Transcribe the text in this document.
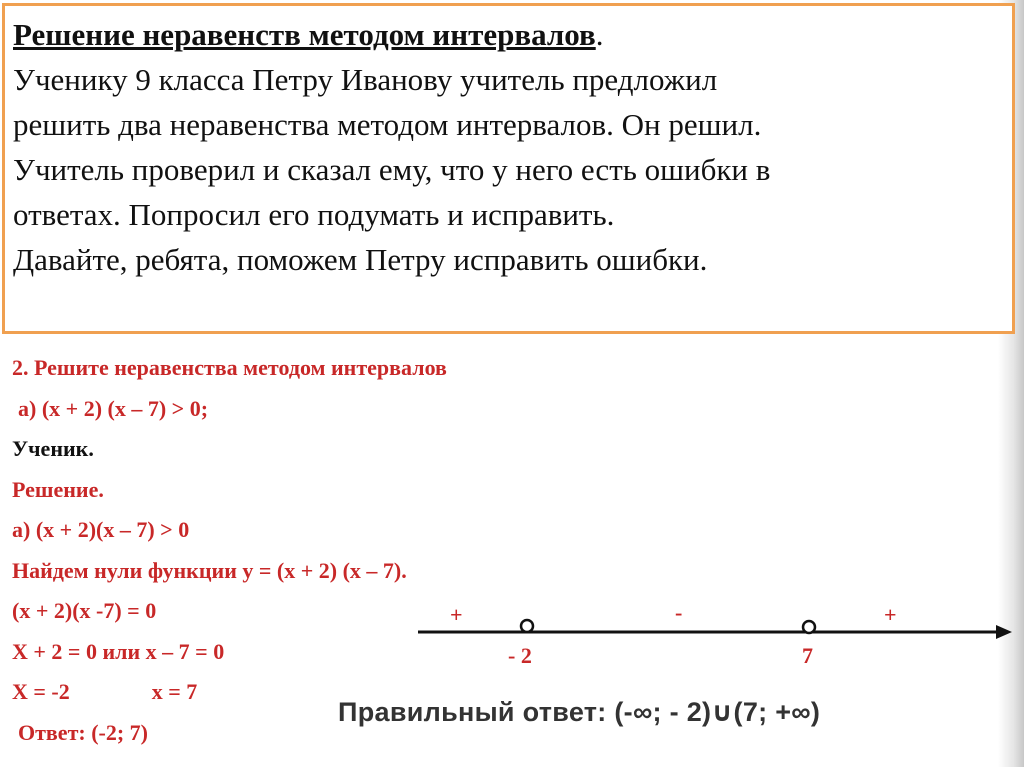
Решение неравенств методом интервалов.
Ученику 9 класса Петру Иванову учитель предложил
решить два неравенства методом интервалов. Он решил.
Учитель проверил и сказал ему, что у него есть ошибки в
ответах. Попросил его подумать и исправить.
Давайте, ребята, поможем Петру исправить ошибки.
2. Решите неравенства методом интервалов
а) (х + 2) (х – 7) > 0;
Ученик.
Решение.
а) (х + 2)(х – 7) > 0
Найдем нули функции у = (х + 2) (х – 7).
(х + 2)(х -7) = 0
Х + 2 = 0 или х – 7 = 0
Х = -2	х = 7
Ответ: (-2; 7)
+	-	+
- 2	7
Правильный ответ: (-∞; - 2)∪(7; +∞)
